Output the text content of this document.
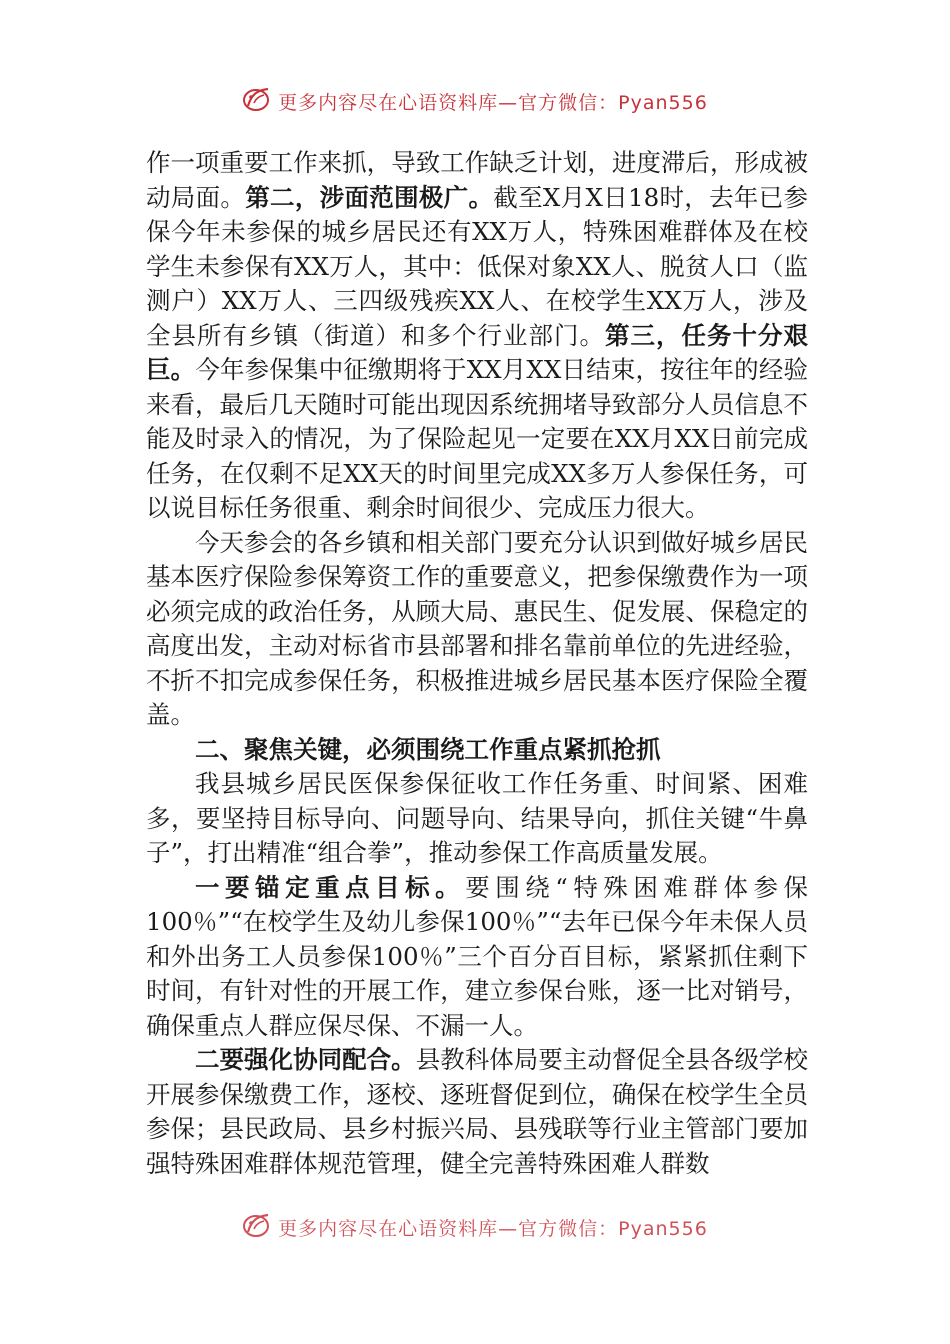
更多内容尽在心语资料库—官方微信：Pyan556

作一项重要工作来抓，导致工作缺乏计划，进度滞后，形成被动局面。第二，涉面范围极广。截至X月X日18时，去年已参保今年未参保的城乡居民还有XX万人，特殊困难群体及在校学生未参保有XX万人，其中：低保对象XX人、脱贫人口（监测户）XX万人、三四级残疾XX人、在校学生XX万人，涉及全县所有乡镇（街道）和多个行业部门。第三，任务十分艰巨。今年参保集中征缴期将于XX月XX日结束，按往年的经验来看，最后几天随时可能出现因系统拥堵导致部分人员信息不能及时录入的情况，为了保险起见一定要在XX月XX日前完成任务，在仅剩不足XX天的时间里完成XX多万人参保任务，可以说目标任务很重、剩余时间很少、完成压力很大。

今天参会的各乡镇和相关部门要充分认识到做好城乡居民基本医疗保险参保筹资工作的重要意义，把参保缴费作为一项必须完成的政治任务，从顾大局、惠民生、促发展、保稳定的高度出发，主动对标省市县部署和排名靠前单位的先进经验，不折不扣完成参保任务，积极推进城乡居民基本医疗保险全覆盖。

二、聚焦关键，必须围绕工作重点紧抓抢抓

我县城乡居民医保参保征收工作任务重、时间紧、困难多，要坚持目标导向、问题导向、结果导向，抓住关键“牛鼻子”，打出精准“组合拳”，推动参保工作高质量发展。

一要锚定重点目标。要围绕“特殊困难群体参保100％”“在校学生及幼儿参保100％”“去年已保今年未保人员和外出务工人员参保100％”三个百分百目标，紧紧抓住剩下时间，有针对性的开展工作，建立参保台账，逐一比对销号，确保重点人群应保尽保、不漏一人。

二要强化协同配合。县教科体局要主动督促全县各级学校开展参保缴费工作，逐校、逐班督促到位，确保在校学生全员参保；县民政局、县乡村振兴局、县残联等行业主管部门要加强特殊困难群体规范管理，健全完善特殊困难人群数

更多内容尽在心语资料库—官方微信：Pyan556
